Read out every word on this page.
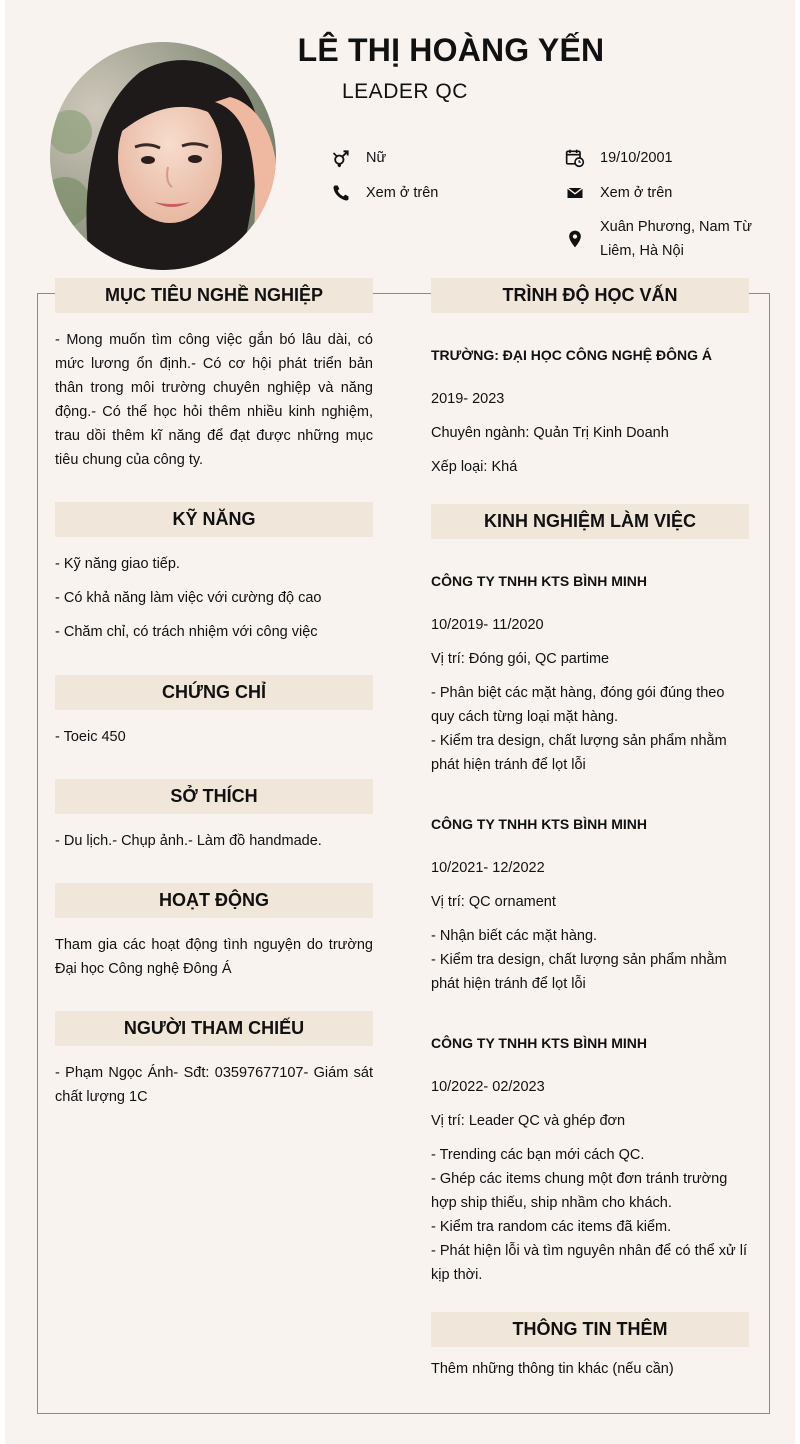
LÊ THỊ HOÀNG YẾN
LEADER QC
Nữ	19/10/2001
Xem ở trên	Xem ở trên
Xuân Phương, Nam Từ Liêm, Hà Nội
MỤC TIÊU NGHỀ NGHIỆP
- Mong muốn tìm công việc gắn bó lâu dài, có mức lương ổn định.- Có cơ hội phát triển bản thân trong môi trường chuyên nghiệp và năng động.- Có thể học hỏi thêm nhiều kinh nghiệm, trau dồi thêm kĩ năng để đạt được những mục tiêu chung của công ty.
KỸ NĂNG
- Kỹ năng giao tiếp.
- Có khả năng làm việc với cường độ cao
- Chăm chỉ, có trách nhiệm với công việc
CHỨNG CHỈ
- Toeic 450
SỞ THÍCH
- Du lịch.- Chụp ảnh.- Làm đồ handmade.
HOẠT ĐỘNG
Tham gia các hoạt động tình nguyện do trường Đại học Công nghệ Đông Á
NGƯỜI THAM CHIẾU
- Phạm Ngọc Ánh- Sđt: 03597677107- Giám sát chất lượng 1C
TRÌNH ĐỘ HỌC VẤN
TRƯỜNG: ĐẠI HỌC CÔNG NGHỆ ĐÔNG Á
2019- 2023
Chuyên ngành: Quản Trị Kinh Doanh
Xếp loại: Khá
KINH NGHIỆM LÀM VIỆC
CÔNG TY TNHH KTS BÌNH MINH
10/2019- 11/2020
Vị trí: Đóng gói, QC partime
- Phân biệt các mặt hàng, đóng gói đúng theo quy cách từng loại mặt hàng.
- Kiểm tra design, chất lượng sản phẩm nhằm phát hiện tránh để lọt lỗi
CÔNG TY TNHH KTS BÌNH MINH
10/2021- 12/2022
Vị trí: QC ornament
- Nhận biết các mặt hàng.
- Kiểm tra design, chất lượng sản phẩm nhằm phát hiện tránh để lọt lỗi
CÔNG TY TNHH KTS BÌNH MINH
10/2022- 02/2023
Vị trí: Leader QC và ghép đơn
- Trending các bạn mới cách QC.
- Ghép các items chung một đơn tránh trường hợp ship thiếu, ship nhầm cho khách.
- Kiểm tra random các items đã kiểm.
- Phát hiện lỗi và tìm nguyên nhân để có thể xử lí kịp thời.
THÔNG TIN THÊM
Thêm những thông tin khác (nếu cần)
